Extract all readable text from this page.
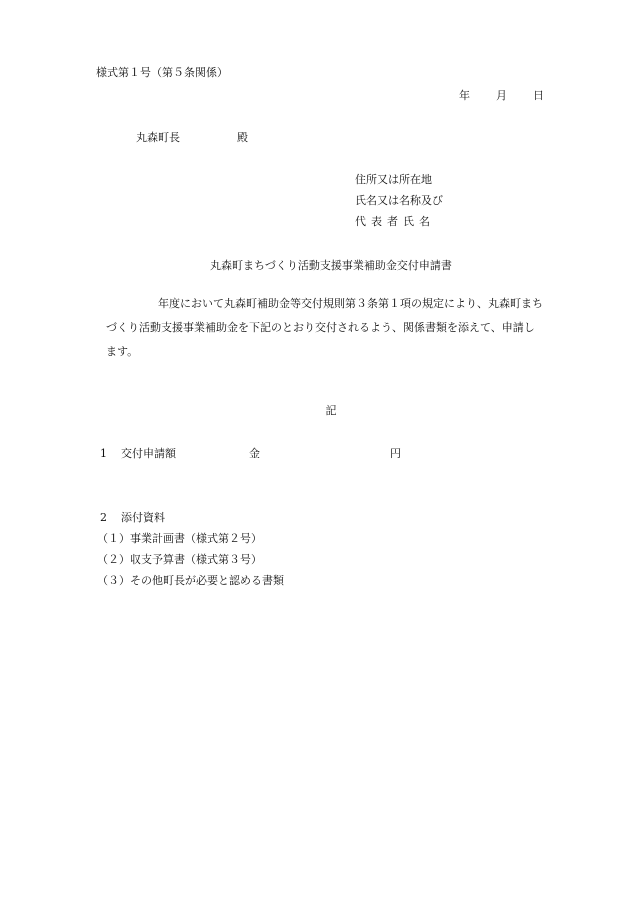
様式第１号（第５条関係）
年 月 日
丸森町長	殿
住所又は所在地
氏名又は名称及び
代表者氏名
丸森町まちづくり活動支援事業補助金交付申請書
年度において丸森町補助金等交付規則第３条第１項の規定により、丸森町まち
づくり活動支援事業補助金を下記のとおり交付されるよう、関係書類を添えて、申請し
ます。
記
1 交付申請額	金	円
2 添付資料
（１）事業計画書（様式第２号）
（２）収支予算書（様式第３号）
（３）その他町長が必要と認める書類
